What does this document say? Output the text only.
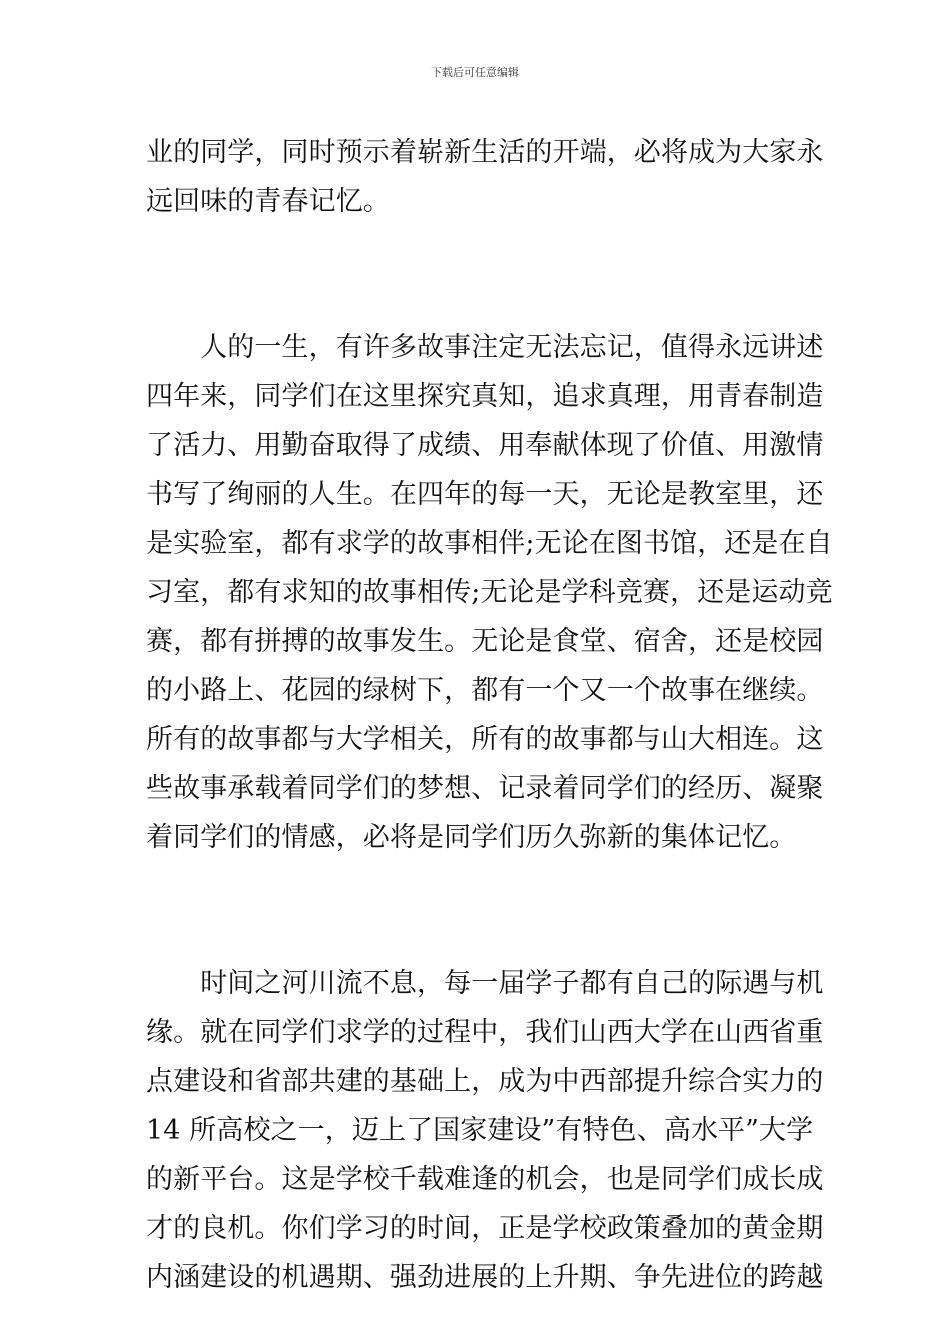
下载后可任意编辑
业的同学，同时预示着崭新生活的开端，必将成为大家永
远回味的青春记忆。
　　人的一生，有许多故事注定无法忘记，值得永远讲述
四年来，同学们在这里探究真知，追求真理，用青春制造
了活力、用勤奋取得了成绩、用奉献体现了价值、用激情
书写了绚丽的人生。在四年的每一天，无论是教室里，还
是实验室，都有求学的故事相伴;无论在图书馆，还是在自
习室，都有求知的故事相传;无论是学科竞赛，还是运动竞
赛，都有拼搏的故事发生。无论是食堂、宿舍，还是校园
的小路上、花园的绿树下，都有一个又一个故事在继续。
所有的故事都与大学相关，所有的故事都与山大相连。这
些故事承载着同学们的梦想、记录着同学们的经历、凝聚
着同学们的情感，必将是同学们历久弥新的集体记忆。
　　时间之河川流不息，每一届学子都有自己的际遇与机
缘。就在同学们求学的过程中，我们山西大学在山西省重
点建设和省部共建的基础上，成为中西部提升综合实力的
14 所高校之一，迈上了国家建设”有特色、高水平”大学
的新平台。这是学校千载难逢的机会，也是同学们成长成
才的良机。你们学习的时间，正是学校政策叠加的黄金期
内涵建设的机遇期、强劲进展的上升期、争先进位的跨越
